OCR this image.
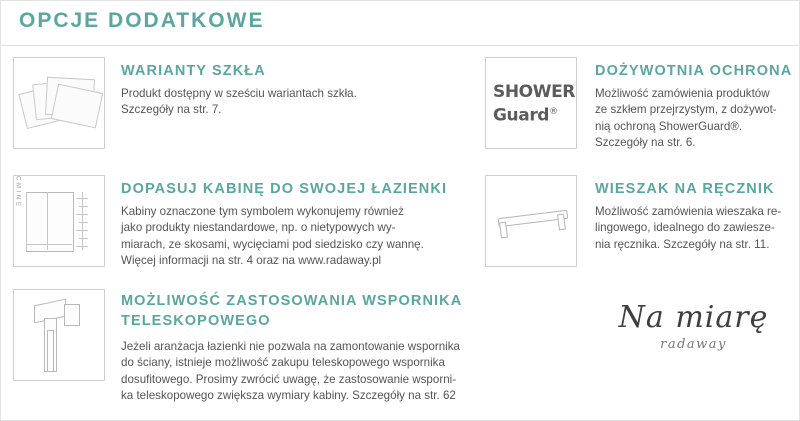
OPCJE DODATKOWE
WARIANTY SZKŁA

Produkt dostępny w sześciu wariantach szkła.
Szczegóły na str. 7.

SHOWER
Guard®
DOŻYWOTNIA OCHRONA

Możliwość zamówienia produktów
ze szkłem przejrzystym, z dożywot-
nią ochroną ShowerGuard®.
Szczegóły na str. 6.

C M I N E	DOPASUJ KABINĘ DO SWOJEJ ŁAZIENKI

Kabiny oznaczone tym symbolem wykonujemy również
jako produkty niestandardowe, np. o nietypowych wy-
miarach, ze skosami, wycięciami pod siedzisko czy wannę.
Więcej informacji na str. 4 oraz na www.radaway.pl

WIESZAK NA RĘCZNIK

Możliwość zamówienia wieszaka re-
lingowego, idealnego do zawiesze-
nia ręcznika. Szczegóły na str. 11.

MOŻLIWOŚĆ ZASTOSOWANIA WSPORNIKA TELESKOPOWEGO

Jeżeli aranżacja łazienki nie pozwala na zamontowanie wspornika
do ściany, istnieje możliwość zakupu teleskopowego wspornika
dosufitowego. Prosimy zwrócić uwagę, że zastosowanie wsporni-
ka teleskopowego zwiększa wymiary kabiny. Szczegóły na str. 62

Na miarę
radaway
